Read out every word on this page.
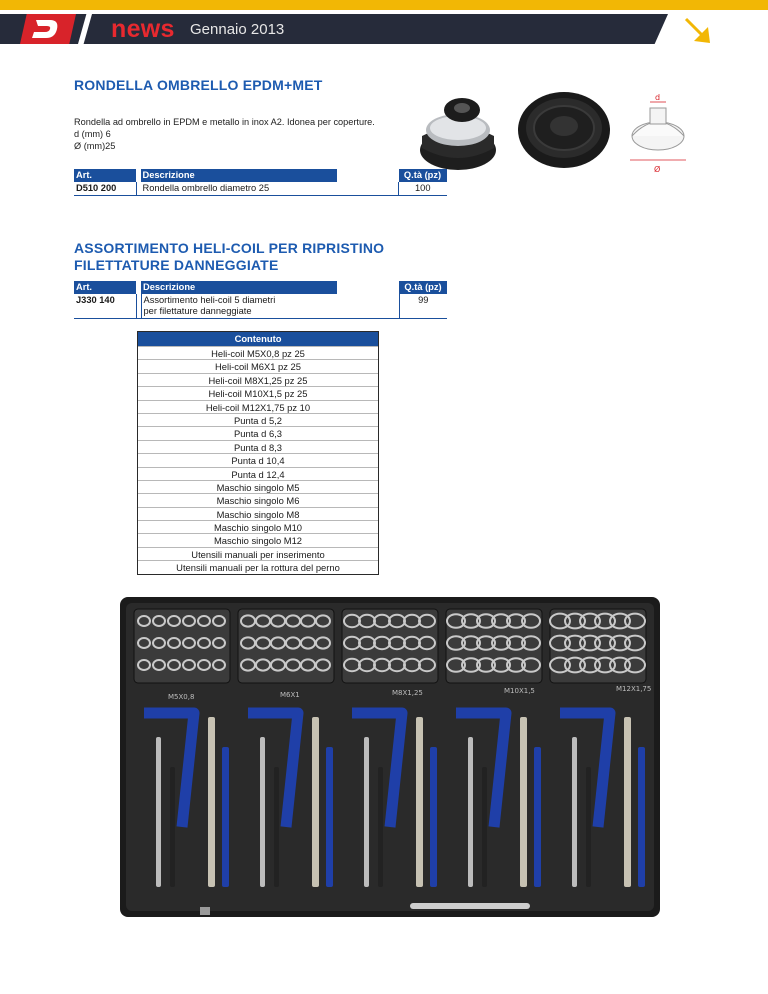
news Gennaio 2013
RONDELLA OMBRELLO EPDM+MET
Rondella ad ombrello in EPDM e metallo in inox A2. Idonea per coperture.
d (mm) 6
Ø (mm)25
d
Ø
Art.		Descrizione		Q.tà (pz)
D510 200		Rondella ombrello diametro 25		100
ASSORTIMENTO HELI-COIL PER RIPRISTINO
FILETTATURE DANNEGGIATE
Art.		Descrizione		Q.tà (pz)
J330 140		Assortimento heli-coil 5 diametri
per filettature danneggiate		99
Contenuto
Heli-coil M5X0,8 pz 25
Heli-coil M6X1 pz 25
Heli-coil M8X1,25 pz 25
Heli-coil M10X1,5 pz 25
Heli-coil M12X1,75 pz 10
Punta d 5,2
Punta d 6,3
Punta d 8,3
Punta d 10,4
Punta d 12,4
Maschio singolo M5
Maschio singolo M6
Maschio singolo M8
Maschio singolo M10
Maschio singolo M12
Utensili manuali per inserimento
Utensili manuali per la rottura del perno
M5X0,8	M6X1	M8X1,25	M10X1,5	M12X1,75
